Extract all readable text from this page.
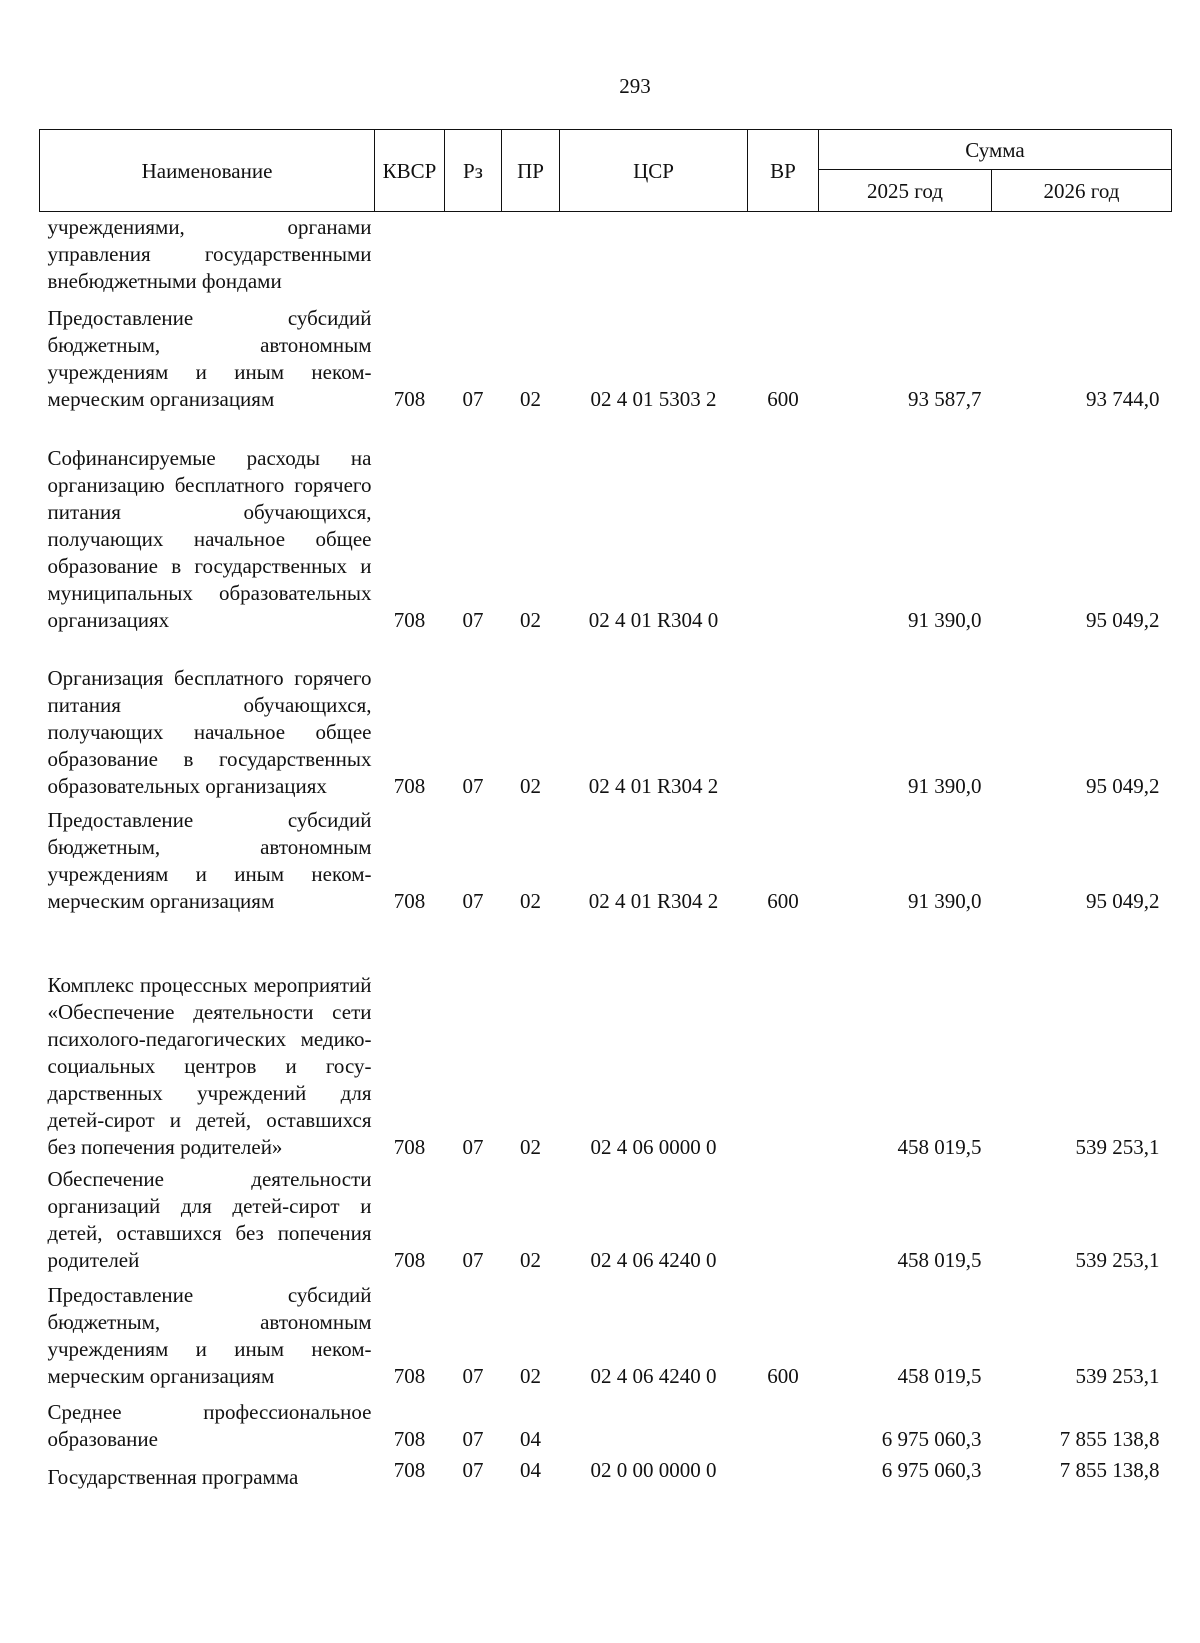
293
Наименование	КВСР	Рз	ПР	ЦСР	ВР	Сумма	
						2025 год	2026 год
учреждениями, органами управления государственными внебюджетными фондами							
Предоставление субсидий бюджетным, автономным учреждениям и иным некоммерческим организациям	708	07	02	02 4 01 5303 2	600	93 587,7	93 744,0
Софинансируемые расходы на организацию бесплатного горячего питания обучающихся, получающих начальное общее образование в государственных и муниципальных образовательных организациях	708	07	02	02 4 01 R304 0		91 390,0	95 049,2
Организация бесплатного горячего питания обучающихся, получающих начальное общее образование в государственных образовательных организациях	708	07	02	02 4 01 R304 2		91 390,0	95 049,2
Предоставление субсидий бюджетным, автономным учреждениям и иным некоммерческим организациям	708	07	02	02 4 01 R304 2	600	91 390,0	95 049,2
Комплекс процессных мероприятий «Обеспечение деятельности сети психолого-педагогических медико-социальных центров и государственных учреждений для детей-сирот и детей, оставшихся без попечения родителей»	708	07	02	02 4 06 0000 0		458 019,5	539 253,1
Обеспечение деятельности организаций для детей-сирот и детей, оставшихся без попечения родителей	708	07	02	02 4 06 4240 0		458 019,5	539 253,1
Предоставление субсидий бюджетным, автономным учреждениям и иным некоммерческим организациям	708	07	02	02 4 06 4240 0	600	458 019,5	539 253,1
Среднее профессиональное образование	708	07	04			6 975 060,3	7 855 138,8
Государственная программа	708	07	04	02 0 00 0000 0		6 975 060,3	7 855 138,8
